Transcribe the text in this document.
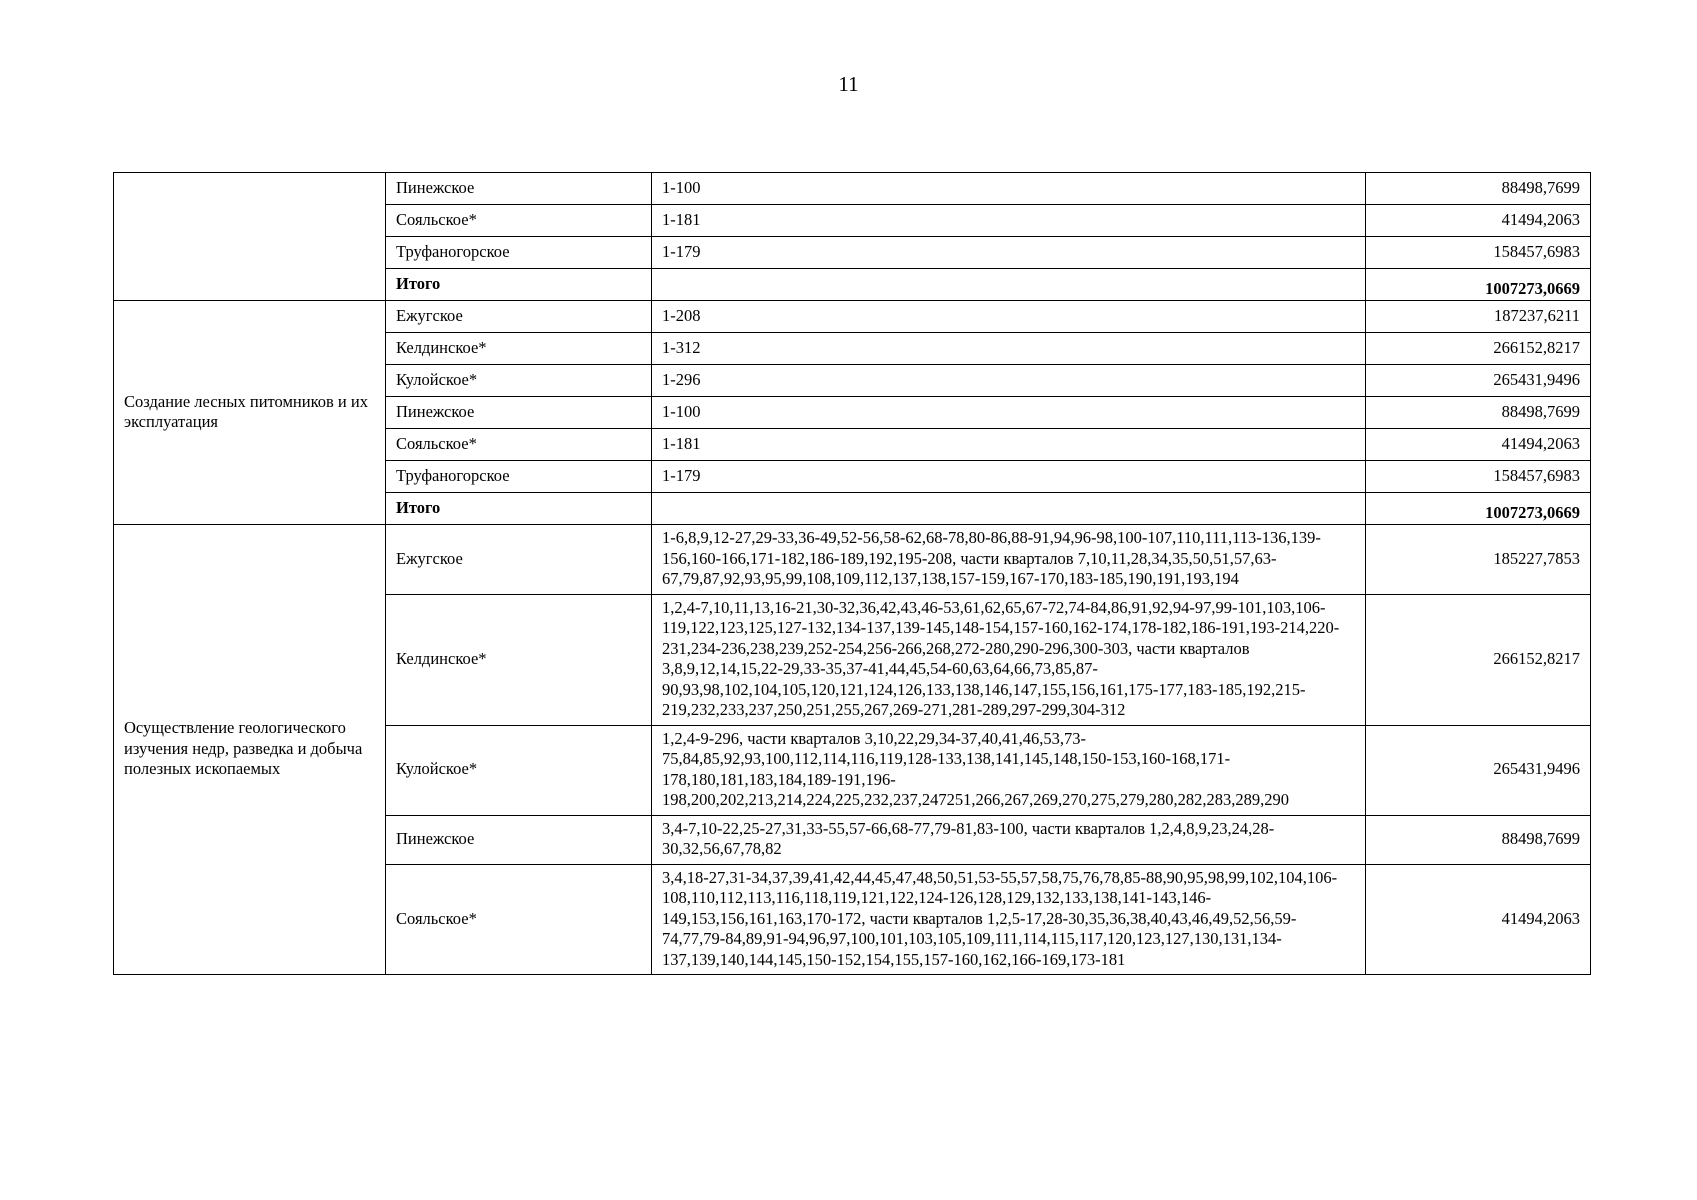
11
	Пинежское	1-100	88498,7699
	Сояльское*	1-181	41494,2063
	Труфаногорское	1-179	158457,6983
	Итого		1007273,0669
Создание лесных питомников и их эксплуатация	Ежугское	1-208	187237,6211
	Келдинское*	1-312	266152,8217
	Кулойское*	1-296	265431,9496
	Пинежское	1-100	88498,7699
	Сояльское*	1-181	41494,2063
	Труфаногорское	1-179	158457,6983
	Итого		1007273,0669
Осуществление геологического изучения недр, разведка и добыча полезных ископаемых	Ежугское	1-6,8,9,12-27,29-33,36-49,52-56,58-62,68-78,80-86,88-91,94,96-98,100-107,110,111,113-136,139-156,160-166,171-182,186-189,192,195-208, части кварталов 7,10,11,28,34,35,50,51,57,63-67,79,87,92,93,95,99,108,109,112,137,138,157-159,167-170,183-185,190,191,193,194	185227,7853
	Келдинское*	1,2,4-7,10,11,13,16-21,30-32,36,42,43,46-53,61,62,65,67-72,74-84,86,91,92,94-97,99-101,103,106-119,122,123,125,127-132,134-137,139-145,148-154,157-160,162-174,178-182,186-191,193-214,220-231,234-236,238,239,252-254,256-266,268,272-280,290-296,300-303, части кварталов 3,8,9,12,14,15,22-29,33-35,37-41,44,45,54-60,63,64,66,73,85,87-90,93,98,102,104,105,120,121,124,126,133,138,146,147,155,156,161,175-177,183-185,192,215-219,232,233,237,250,251,255,267,269-271,281-289,297-299,304-312	266152,8217
	Кулойское*	1,2,4-9-296, части кварталов 3,10,22,29,34-37,40,41,46,53,73-75,84,85,92,93,100,112,114,116,119,128-133,138,141,145,148,150-153,160-168,171-178,180,181,183,184,189-191,196-198,200,202,213,214,224,225,232,237,247251,266,267,269,270,275,279,280,282,283,289,290	265431,9496
	Пинежское	3,4-7,10-22,25-27,31,33-55,57-66,68-77,79-81,83-100, части кварталов 1,2,4,8,9,23,24,28-30,32,56,67,78,82	88498,7699
	Сояльское*	3,4,18-27,31-34,37,39,41,42,44,45,47,48,50,51,53-55,57,58,75,76,78,85-88,90,95,98,99,102,104,106-108,110,112,113,116,118,119,121,122,124-126,128,129,132,133,138,141-143,146-149,153,156,161,163,170-172, части кварталов 1,2,5-17,28-30,35,36,38,40,43,46,49,52,56,59-74,77,79-84,89,91-94,96,97,100,101,103,105,109,111,114,115,117,120,123,127,130,131,134-137,139,140,144,145,150-152,154,155,157-160,162,166-169,173-181	41494,2063
